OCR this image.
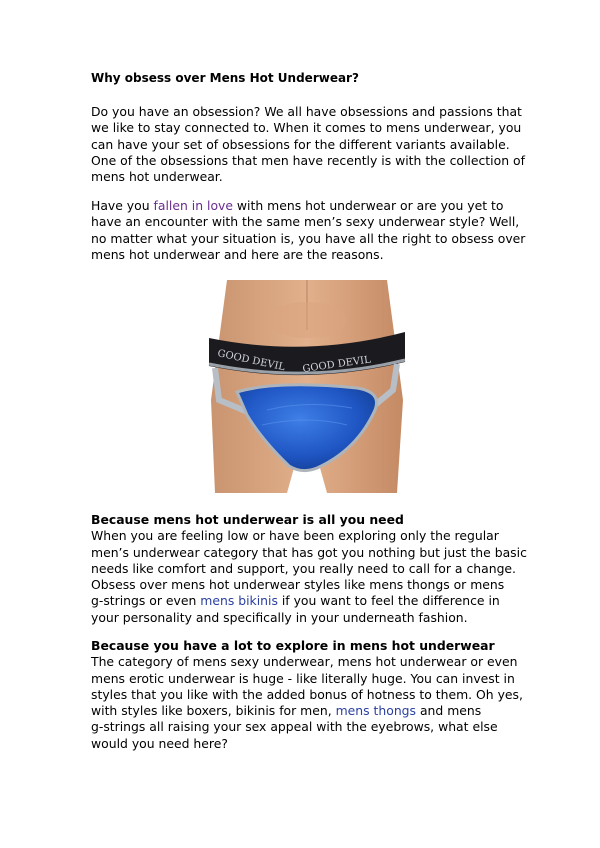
Why obsess over Mens Hot Underwear?

Do you have an obsession? We all have obsessions and passions that
we like to stay connected to. When it comes to mens underwear, you
can have your set of obsessions for the different variants available.
One of the obsessions that men have recently is with the collection of
mens hot underwear.

Have you fallen in love with mens hot underwear or are you yet to
have an encounter with the same men’s sexy underwear style? Well,
no matter what your situation is, you have all the right to obsess over
mens hot underwear and here are the reasons.

GOOD DEVIL GOOD DEVIL

Because mens hot underwear is all you need
When you are feeling low or have been exploring only the regular
men’s underwear category that has got you nothing but just the basic
needs like comfort and support, you really need to call for a change.
Obsess over mens hot underwear styles like mens thongs or mens
g-strings or even mens bikinis if you want to feel the difference in
your personality and specifically in your underneath fashion.

Because you have a lot to explore in mens hot underwear
The category of mens sexy underwear, mens hot underwear or even
mens erotic underwear is huge - like literally huge. You can invest in
styles that you like with the added bonus of hotness to them. Oh yes,
with styles like boxers, bikinis for men, mens thongs and mens
g-strings all raising your sex appeal with the eyebrows, what else
would you need here?
